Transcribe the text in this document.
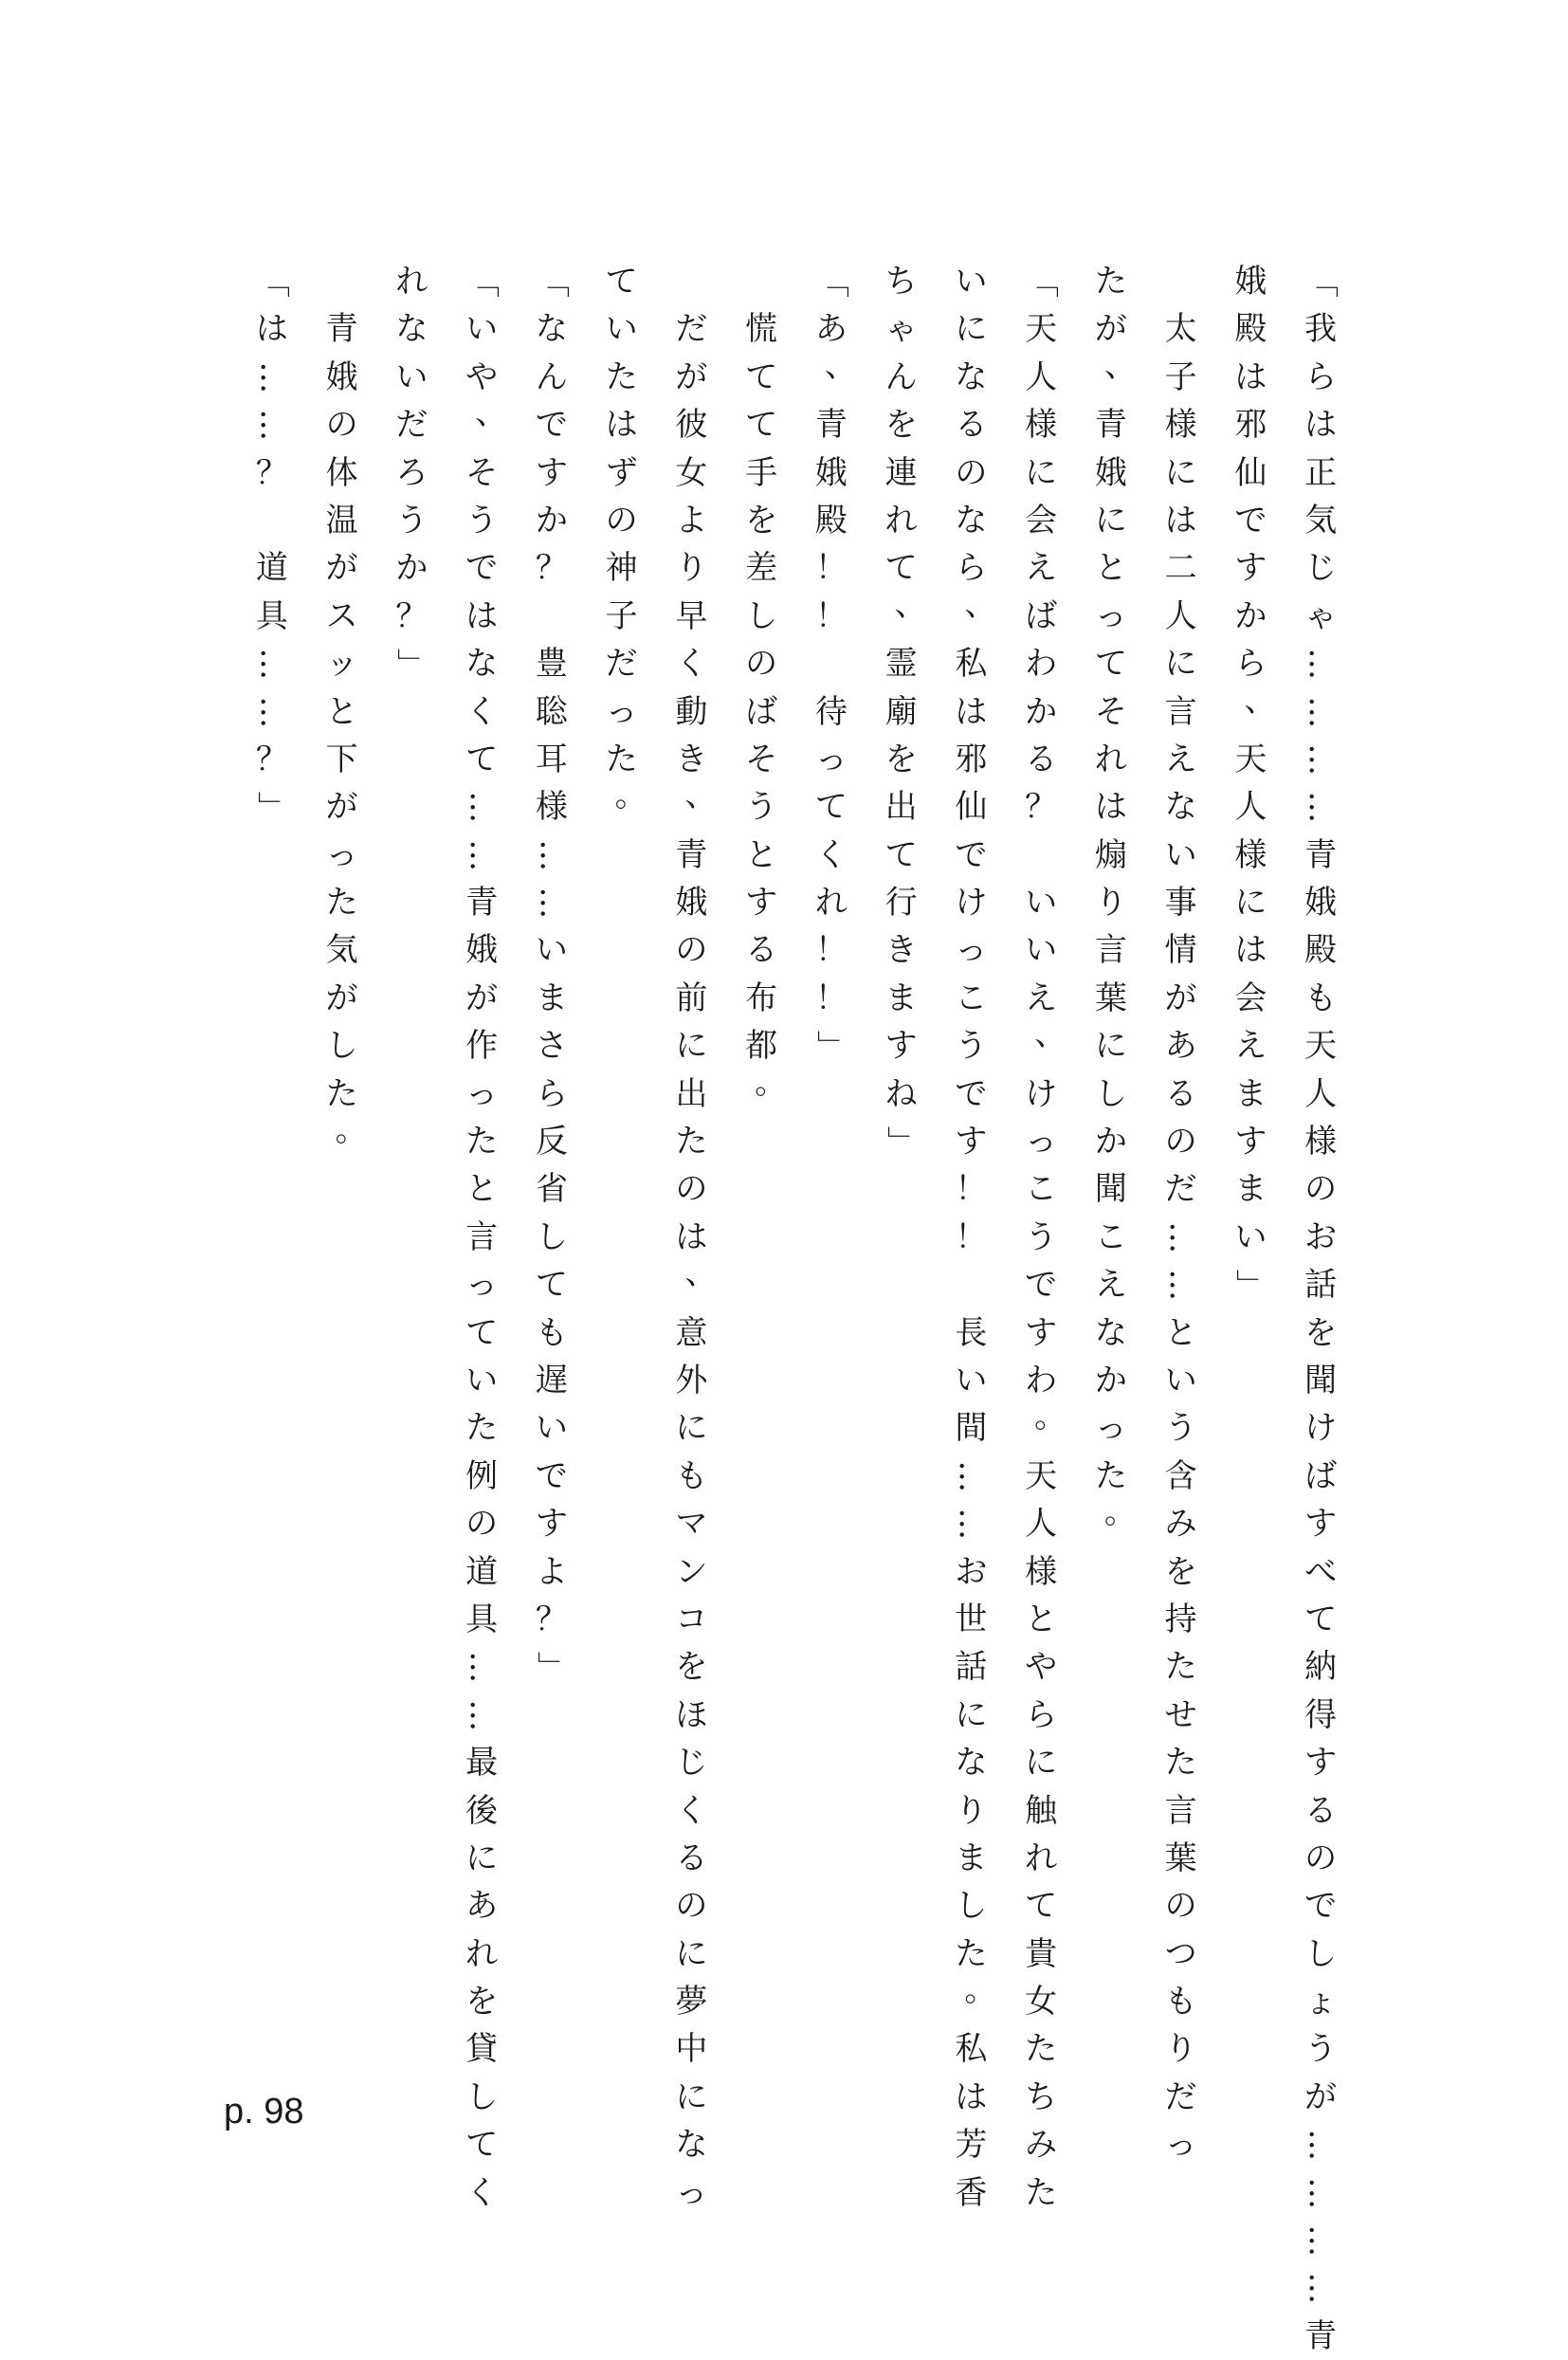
「
我
ら
は
正
気
じ
ゃ
…
…
…
…
青
娥
殿
も
天
人
様
の
お
話
を
聞
け
ば
す
べ
て
納
得
す
る
の
で
し
ょ
う
が
…
…
…
…
青
娥
殿
は
邪
仙
で
す
か
ら
、
天
人
様
に
は
会
え
ま
す
ま
い
」

太
子
様
に
は
二
人
に
言
え
な
い
事
情
が
あ
る
の
だ
…
…
と
い
う
含
み
を
持
た
せ
た
言
葉
の
つ
も
り
だ
っ
た
が
、
青
娥
に
と
っ
て
そ
れ
は
煽
り
言
葉
に
し
か
聞
こ
え
な
か
っ
た
。
「
天
人
様
に
会
え
ば
わ
か
る
？

い
い
え
、
け
っ
こ
う
で
す
わ
。
天
人
様
と
や
ら
に
触
れ
て
貴
女
た
ち
み
た
い
に
な
る
の
な
ら
、
私
は
邪
仙
で
け
っ
こ
う
で
す
！
！

長
い
間
…
…
お
世
話
に
な
り
ま
し
た
。
私
は
芳
香
ち
ゃ
ん
を
連
れ
て
、
霊
廟
を
出
て
行
き
ま
す
ね
」
「
あ
、
青
娥
殿
！
！

待
っ
て
く
れ
！
！
」

慌
て
て
手
を
差
し
の
ば
そ
う
と
す
る
布
都
。

だ
が
彼
女
よ
り
早
く
動
き
、
青
娥
の
前
に
出
た
の
は
、
意
外
に
も
マ
ン
コ
を
ほ
じ
く
る
の
に
夢
中
に
な
っ
て
い
た
は
ず
の
神
子
だ
っ
た
。
「
な
ん
で
す
か
？

豊
聡
耳
様
…
…
い
ま
さ
ら
反
省
し
て
も
遅
い
で
す
よ
？
」
「
い
や
、
そ
う
で
は
な
く
て
…
…
青
娥
が
作
っ
た
と
言
っ
て
い
た
例
の
道
具
…
…
最
後
に
あ
れ
を
貸
し
て
く
れ
な
い
だ
ろ
う
か
？
」

青
娥
の
体
温
が
ス
ッ
と
下
が
っ
た
気
が
し
た
。
「
は
…
…
？

道
具
…
…
？
」
p. 98
